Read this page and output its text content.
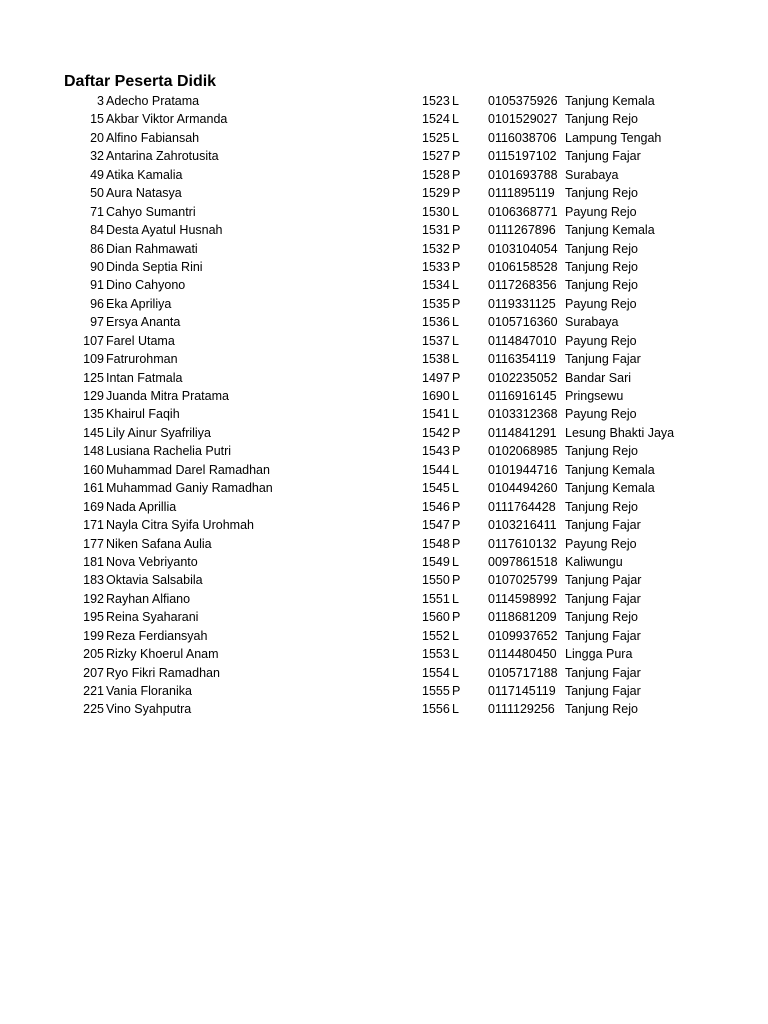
Daftar Peserta Didik
3 Adecho Pratama	1523 L 0105375926 Tanjung Kemala
15 Akbar Viktor Armanda	1524 L 0101529027 Tanjung Rejo
20 Alfino Fabiansah	1525 L 0116038706 Lampung Tengah
32 Antarina Zahrotusita	1527 P 0115197102 Tanjung Fajar
49 Atika Kamalia	1528 P 0101693788 Surabaya
50 Aura Natasya	1529 P 0111895119 Tanjung Rejo
71 Cahyo Sumantri	1530 L 0106368771 Payung Rejo
84 Desta Ayatul Husnah	1531 P 0111267896 Tanjung Kemala
86 Dian Rahmawati	1532 P 0103104054 Tanjung Rejo
90 Dinda Septia Rini	1533 P 0106158528 Tanjung Rejo
91 Dino Cahyono	1534 L 0117268356 Tanjung Rejo
96 Eka Apriliya	1535 P 0119331125 Payung Rejo
97 Ersya Ananta	1536 L 0105716360 Surabaya
107 Farel Utama	1537 L 0114847010 Payung Rejo
109 Fatrurohman	1538 L 0116354119 Tanjung Fajar
125 Intan Fatmala	1497 P 0102235052 Bandar Sari
129 Juanda Mitra Pratama	1690 L 0116916145 Pringsewu
135 Khairul Faqih	1541 L 0103312368 Payung Rejo
145 Lily Ainur Syafriliya	1542 P 0114841291 Lesung Bhakti Jaya
148 Lusiana Rachelia Putri	1543 P 0102068985 Tanjung Rejo
160 Muhammad Darel Ramadhan	1544 L 0101944716 Tanjung Kemala
161 Muhammad Ganiy Ramadhan	1545 L 0104494260 Tanjung Kemala
169 Nada Aprillia	1546 P 0111764428 Tanjung Rejo
171 Nayla Citra Syifa Urohmah	1547 P 0103216411 Tanjung Fajar
177 Niken Safana Aulia	1548 P 0117610132 Payung Rejo
181 Nova Vebriyanto	1549 L 0097861518 Kaliwungu
183 Oktavia Salsabila	1550 P 0107025799 Tanjung Pajar
192 Rayhan Alfiano	1551 L 0114598992 Tanjung Fajar
195 Reina Syaharani	1560 P 0118681209 Tanjung Rejo
199 Reza Ferdiansyah	1552 L 0109937652 Tanjung Fajar
205 Rizky Khoerul Anam	1553 L 0114480450 Lingga Pura
207 Ryo Fikri Ramadhan	1554 L 0105717188 Tanjung Fajar
221 Vania Floranika	1555 P 0117145119 Tanjung Fajar
225 Vino Syahputra	1556 L 0111129256 Tanjung Rejo
